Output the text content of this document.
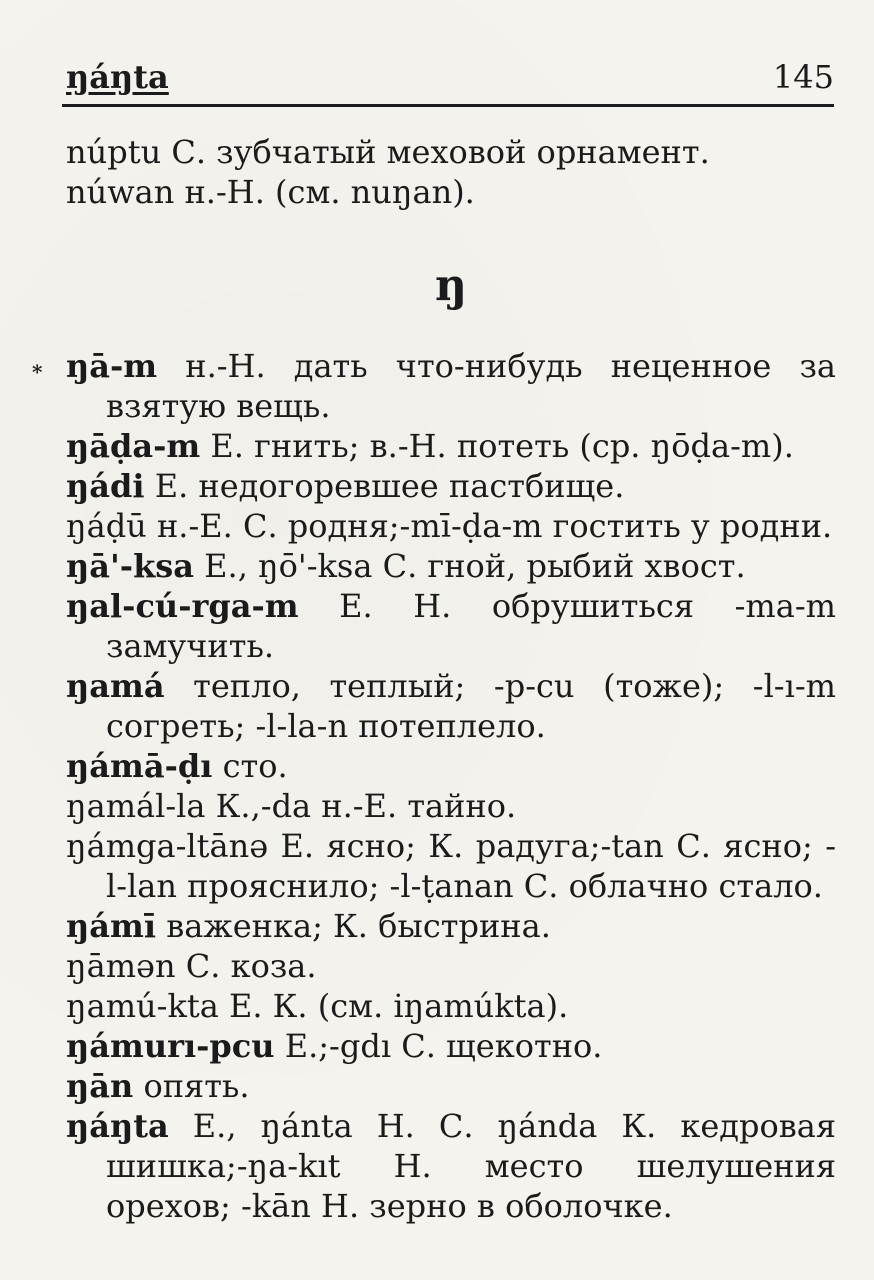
ŋáŋta	145

núptu С. зубчатый меховой орнамент.

núwan н.-Н. (см. nuŋan).

ŋ
* ŋā-m н.-Н. дать что-нибудь неценное за взятую вещь.

ŋāḍa-m Е. гнить; в.-Н. потеть (ср. ŋōḍa-m).

ŋádi Е. недогоревшее пастбище.

ŋáḍū н.-Е. С. родня;-mī-ḍa-m гостить у родни.

ŋā'-ksa Е., ŋō'-ksa С. гной, рыбий хвост.

ŋal-cú-rga-m Е. Н. обрушиться -ma-m замучить.

ŋamá тепло, теплый; -p-cu (тоже); -l-ı-m согреть; -l-la-n потеплело.

ŋámā-ḍı сто.

ŋamál-la К.,-da н.-Е. тайно.

ŋámga-ltānə Е. ясно; К. радуга;-tan С. ясно; -l-lan прояснило; -l-ṭanan С. облачно стало.

ŋámī важенка; К. быстрина.

ŋāmən С. коза.

ŋamú-kta Е. К. (см. iŋamúkta).

ŋámurı-pcu Е.;-gdı С. щекотно.

ŋān опять.

ŋáŋta Е., ŋánta Н. С. ŋánda К. кедровая шишка;-ŋa-kıt Н. место шелушения орехов; -kān Н. зерно в оболочке.
